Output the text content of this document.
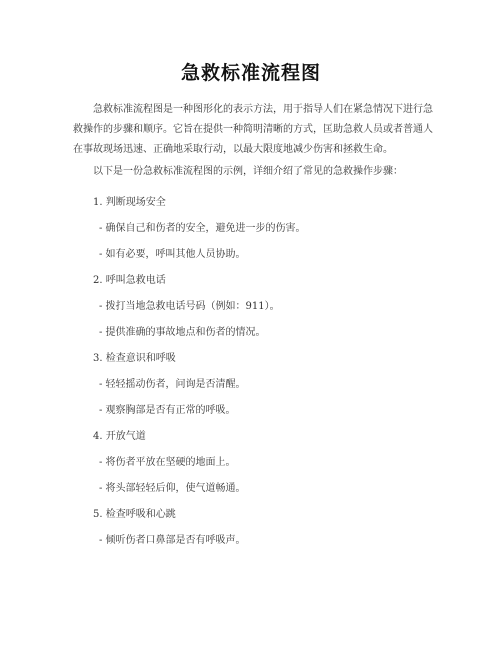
急救标准流程图

急救标准流程图是一种图形化的表示方法，用于指导人们在紧急情况下进行急救操作的步骤和顺序。它旨在提供一种简明清晰的方式，匡助急救人员或者普通人在事故现场迅速、正确地采取行动，以最大限度地减少伤害和拯救生命。

以下是一份急救标准流程图的示例，详细介绍了常见的急救操作步骤：

1. 判断现场安全
- 确保自己和伤者的安全，避免进一步的伤害。
- 如有必要，呼叫其他人员协助。
2. 呼叫急救电话
- 拨打当地急救电话号码（例如：911）。
- 提供准确的事故地点和伤者的情况。
3. 检查意识和呼吸
- 轻轻摇动伤者，问询是否清醒。
- 观察胸部是否有正常的呼吸。
4. 开放气道
- 将伤者平放在坚硬的地面上。
- 将头部轻轻后仰，使气道畅通。
5. 检查呼吸和心跳
- 倾听伤者口鼻部是否有呼吸声。
